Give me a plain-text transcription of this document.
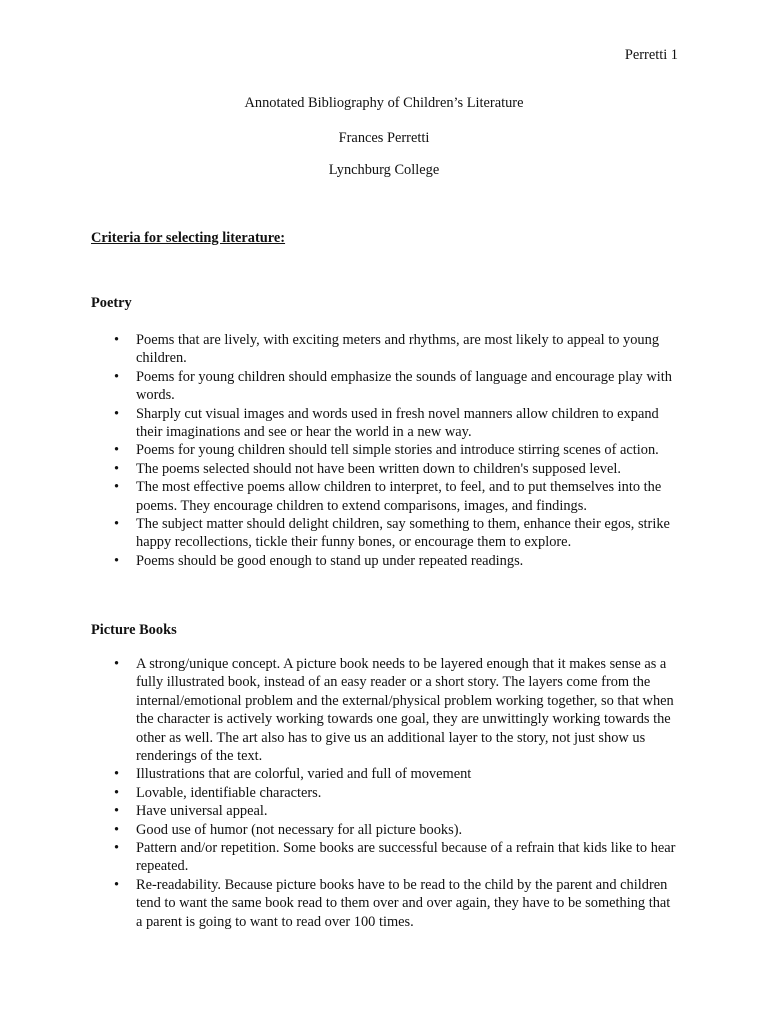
Perretti 1

Annotated Bibliography of Children’s Literature

Frances Perretti

Lynchburg College

Criteria for selecting literature:
Poetry
• Poems that are lively, with exciting meters and rhythms, are most likely to appeal to young children.
• Poems for young children should emphasize the sounds of language and encourage play with words.
• Sharply cut visual images and words used in fresh novel manners allow children to expand their imaginations and see or hear the world in a new way.
• Poems for young children should tell simple stories and introduce stirring scenes of action.
• The poems selected should not have been written down to children's supposed level.
• The most effective poems allow children to interpret, to feel, and to put themselves into the poems. They encourage children to extend comparisons, images, and findings.
• The subject matter should delight children, say something to them, enhance their egos, strike happy recollections, tickle their funny bones, or encourage them to explore.
• Poems should be good enough to stand up under repeated readings.
Picture Books
• A strong/unique concept. A picture book needs to be layered enough that it makes sense as a fully illustrated book, instead of an easy reader or a short story. The layers come from the internal/emotional problem and the external/physical problem working together, so that when the character is actively working towards one goal, they are unwittingly working towards the other as well. The art also has to give us an additional layer to the story, not just show us renderings of the text.
• Illustrations that are colorful, varied and full of movement
• Lovable, identifiable characters.
• Have universal appeal.
• Good use of humor (not necessary for all picture books).
• Pattern and/or repetition. Some books are successful because of a refrain that kids like to hear repeated.
• Re-readability. Because picture books have to be read to the child by the parent and children tend to want the same book read to them over and over again, they have to be something that a parent is going to want to read over 100 times.
